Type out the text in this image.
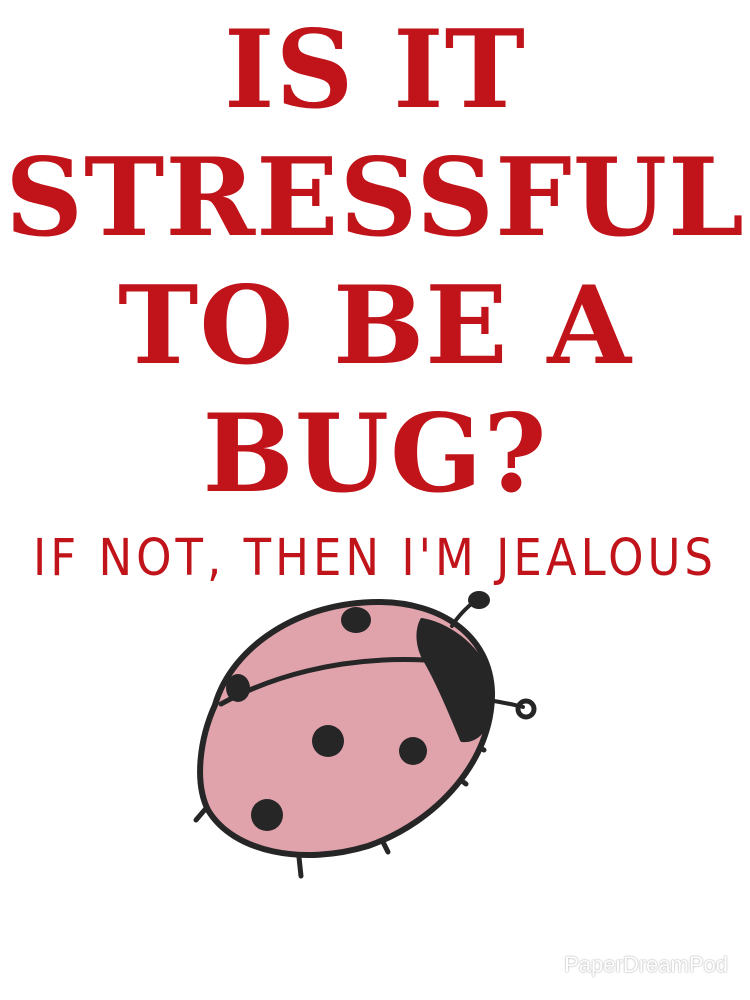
IS IT
STRESSFUL
TO BE A
BUG?
IF NOT, THEN I'M JEALOUS
PaperDreamPod
